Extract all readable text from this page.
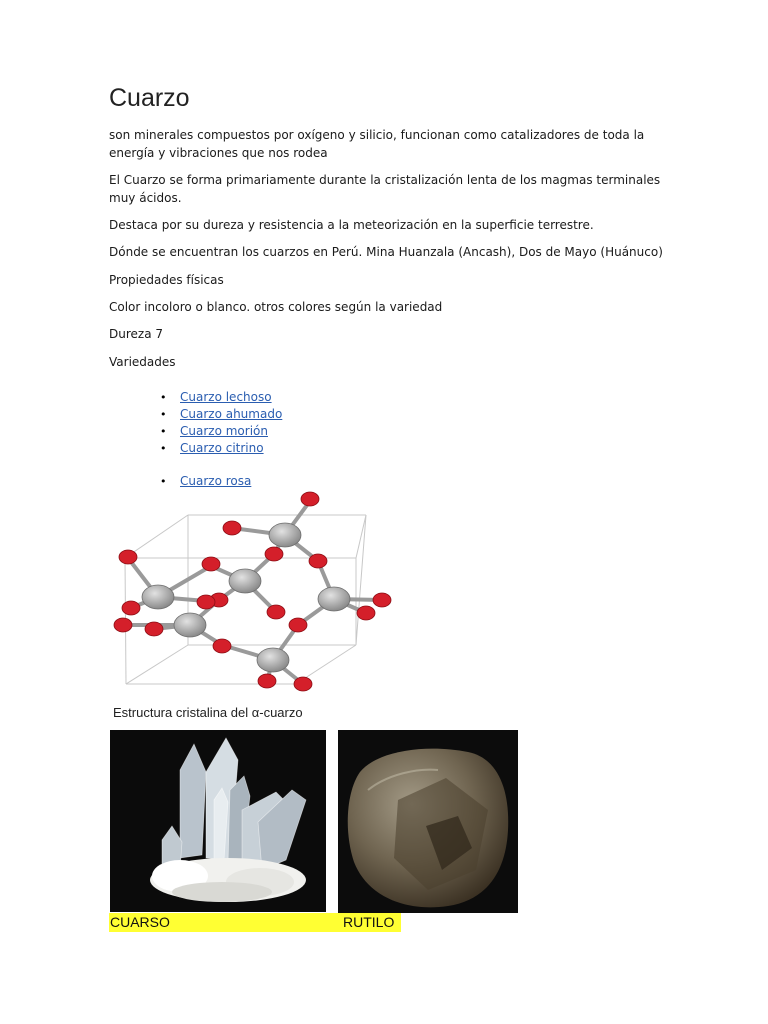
Cuarzo

son minerales compuestos por oxígeno y silicio, funcionan como catalizadores de toda la energía y vibraciones que nos rodea

El Cuarzo se forma primariamente durante la cristalización lenta de los magmas terminales muy ácidos.

Destaca por su dureza y resistencia a la meteorización en la superficie terrestre.

Dónde se encuentran los cuarzos en Perú. Mina Huanzala (Ancash), Dos de Mayo (Huánuco)

Propiedades físicas

Color incoloro o blanco. otros colores según la variedad

Dureza 7

Variedades

• Cuarzo lechoso
• Cuarzo ahumado
• Cuarzo morión
• Cuarzo citrino
• Cuarzo rosa
Estructura cristalina del α-cuarzo
CUARSO	RUTILO
